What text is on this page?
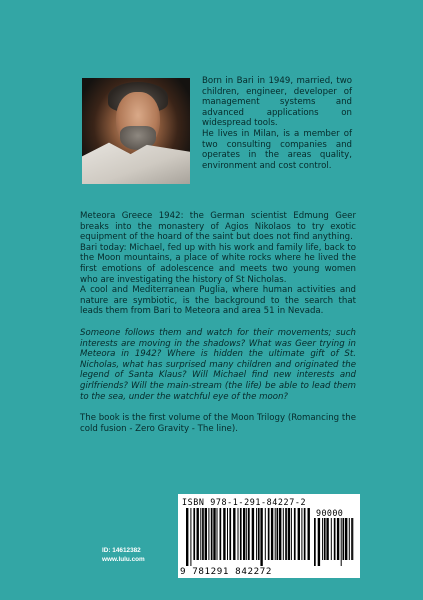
Born in Bari in 1949, married, two children, engineer, developer of management systems and advanced applications on widespread tools.

He lives in Milan, is a member of two consulting companies and operates in the areas quality, environment and cost control.

Meteora Greece 1942: the German scientist Edmung Geer breaks into the monastery of Agios Nikolaos to try exotic equipment of the hoard of the saint but does not find anything.

Bari today: Michael, fed up with his work and family life, back to the Moon mountains, a place of white rocks where he lived the first emotions of adolescence and meets two young women who are investigating the history of St Nicholas.

A cool and Mediterranean Puglia, where human activities and nature are symbiotic, is the background to the search that leads them from Bari to Meteora and area 51 in Nevada.

Someone follows them and watch for their movements; such interests are moving in the shadows? What was Geer trying in Meteora in 1942? Where is hidden the ultimate gift of St. Nicholas, what has surprised many children and originated the legend of Santa Klaus? Will Michael find new interests and girlfriends? Will the main-stream (the life) be able to lead them to the sea, under the watchful eye of the moon?

The book is the first volume of the Moon Trilogy (Romancing the cold fusion - Zero Gravity - The line).

ISBN 978-1-291-84227-2
90000
9 781291 842272
ID: 14612382
www.lulu.com
